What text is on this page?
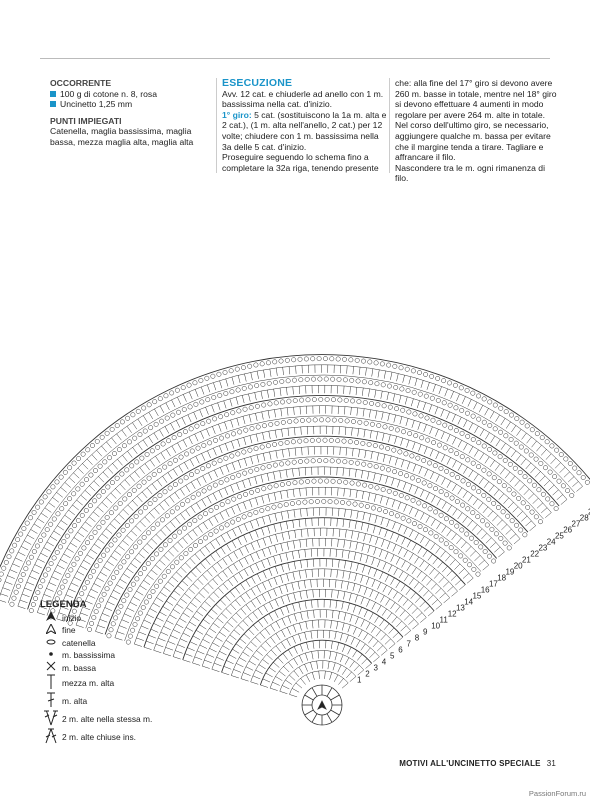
OCCORRENTE

100 g di cotone n. 8, rosa

Uncinetto 1,25 mm

PUNTI IMPIEGATI

Catenella, maglia bassissima, maglia bassa, mezza maglia alta, maglia alta

ESECUZIONE

Avv. 12 cat. e chiuderle ad anello con 1 m. bassissima nella cat. d'inizio.

1° giro: 5 cat. (sostituiscono la 1a m. alta e 2 cat.), (1 m. alta nell'anello, 2 cat.) per 12 volte; chiudere con 1 m. bassissima nella 3a delle 5 cat. d'inizio.

Proseguire seguendo lo schema fino a completare la 32a riga, tenendo presente

che: alla fine del 17° giro si devono avere 260 m. basse in totale, mentre nel 18° giro si devono effettuare 4 aumenti in modo regolare per avere 264 m. alte in totale. Nel corso dell'ultimo giro, se necessario, aggiungere qualche m. bassa per evitare che il margine tenda a tirare. Tagliare e affrancare il filo.

Nascondere tra le m. ogni rimanenza di filo.

1
2
3
4
5
6
7
8
9
10
11
12
13
14
15
16
17
18
19
20
21
22
23
24
25
26
27
28
LEGENDA
inizio
fine
catenella
m. bassissima
m. bassa
mezza m. alta
m. alta
2 m. alte nella stessa m.
2 m. alte chiuse ins.
MOTIVI ALL'UNCINETTO SPECIALE 31
PassionForum.ru
